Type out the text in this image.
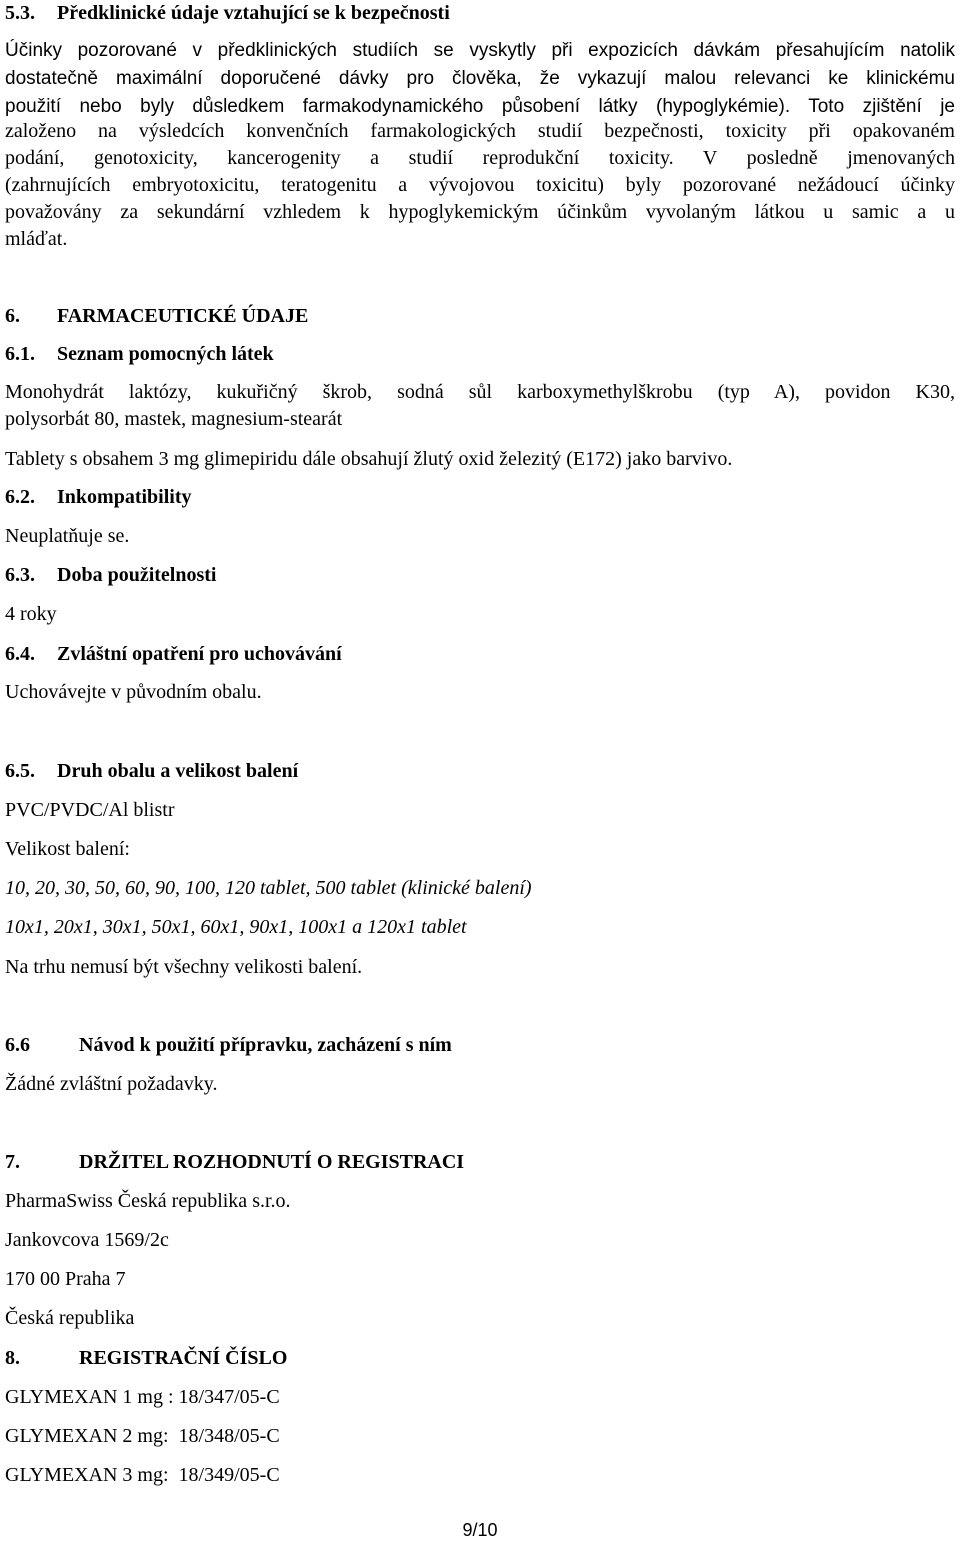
5.3. Předklinické údaje vztahující se k bezpečnosti
Účinky pozorované v předklinických studiích se vyskytly při expozicích dávkám přesahujícím natolik
dostatečně maximální doporučené dávky pro člověka, že vykazují malou relevanci ke klinickému
použití nebo byly důsledkem farmakodynamického působení látky (hypoglykémie). Toto zjištění je
založeno na výsledcích konvenčních farmakologických studií bezpečnosti, toxicity při opakovaném
podání, genotoxicity, kancerogenity a studií reprodukční toxicity. V posledně jmenovaných
(zahrnujících embryotoxicitu, teratogenitu a vývojovou toxicitu) byly pozorované nežádoucí účinky
považovány za sekundární vzhledem k hypoglykemickým účinkům vyvolaným látkou u samic a u
mláďat.
6. FARMACEUTICKÉ ÚDAJE
6.1. Seznam pomocných látek
Monohydrát laktózy, kukuřičný škrob, sodná sůl karboxymethylškrobu (typ A), povidon K30,
polysorbát 80, mastek, magnesium-stearát
Tablety s obsahem 3 mg glimepiridu dále obsahují žlutý oxid železitý (E172) jako barvivo.
6.2. Inkompatibility
Neuplatňuje se.
6.3. Doba použitelnosti
4 roky
6.4. Zvláštní opatření pro uchovávání
Uchovávejte v původním obalu.
6.5. Druh obalu a velikost balení
PVC/PVDC/Al blistr
Velikost balení:
10, 20, 30, 50, 60, 90, 100, 120 tablet, 500 tablet (klinické balení)
10x1, 20x1, 30x1, 50x1, 60x1, 90x1, 100x1 a 120x1 tablet
Na trhu nemusí být všechny velikosti balení.
6.6 Návod k použití přípravku, zacházení s ním
Žádné zvláštní požadavky.
7.	DRŽITEL ROZHODNUTÍ O REGISTRACI
PharmaSwiss Česká republika s.r.o.
Jankovcova 1569/2c
170 00 Praha 7
Česká republika
8.	REGISTRAČNÍ ČÍSLO
GLYMEXAN 1 mg : 18/347/05-C
GLYMEXAN 2 mg:  18/348/05-C
GLYMEXAN 3 mg:  18/349/05-C
9/10
